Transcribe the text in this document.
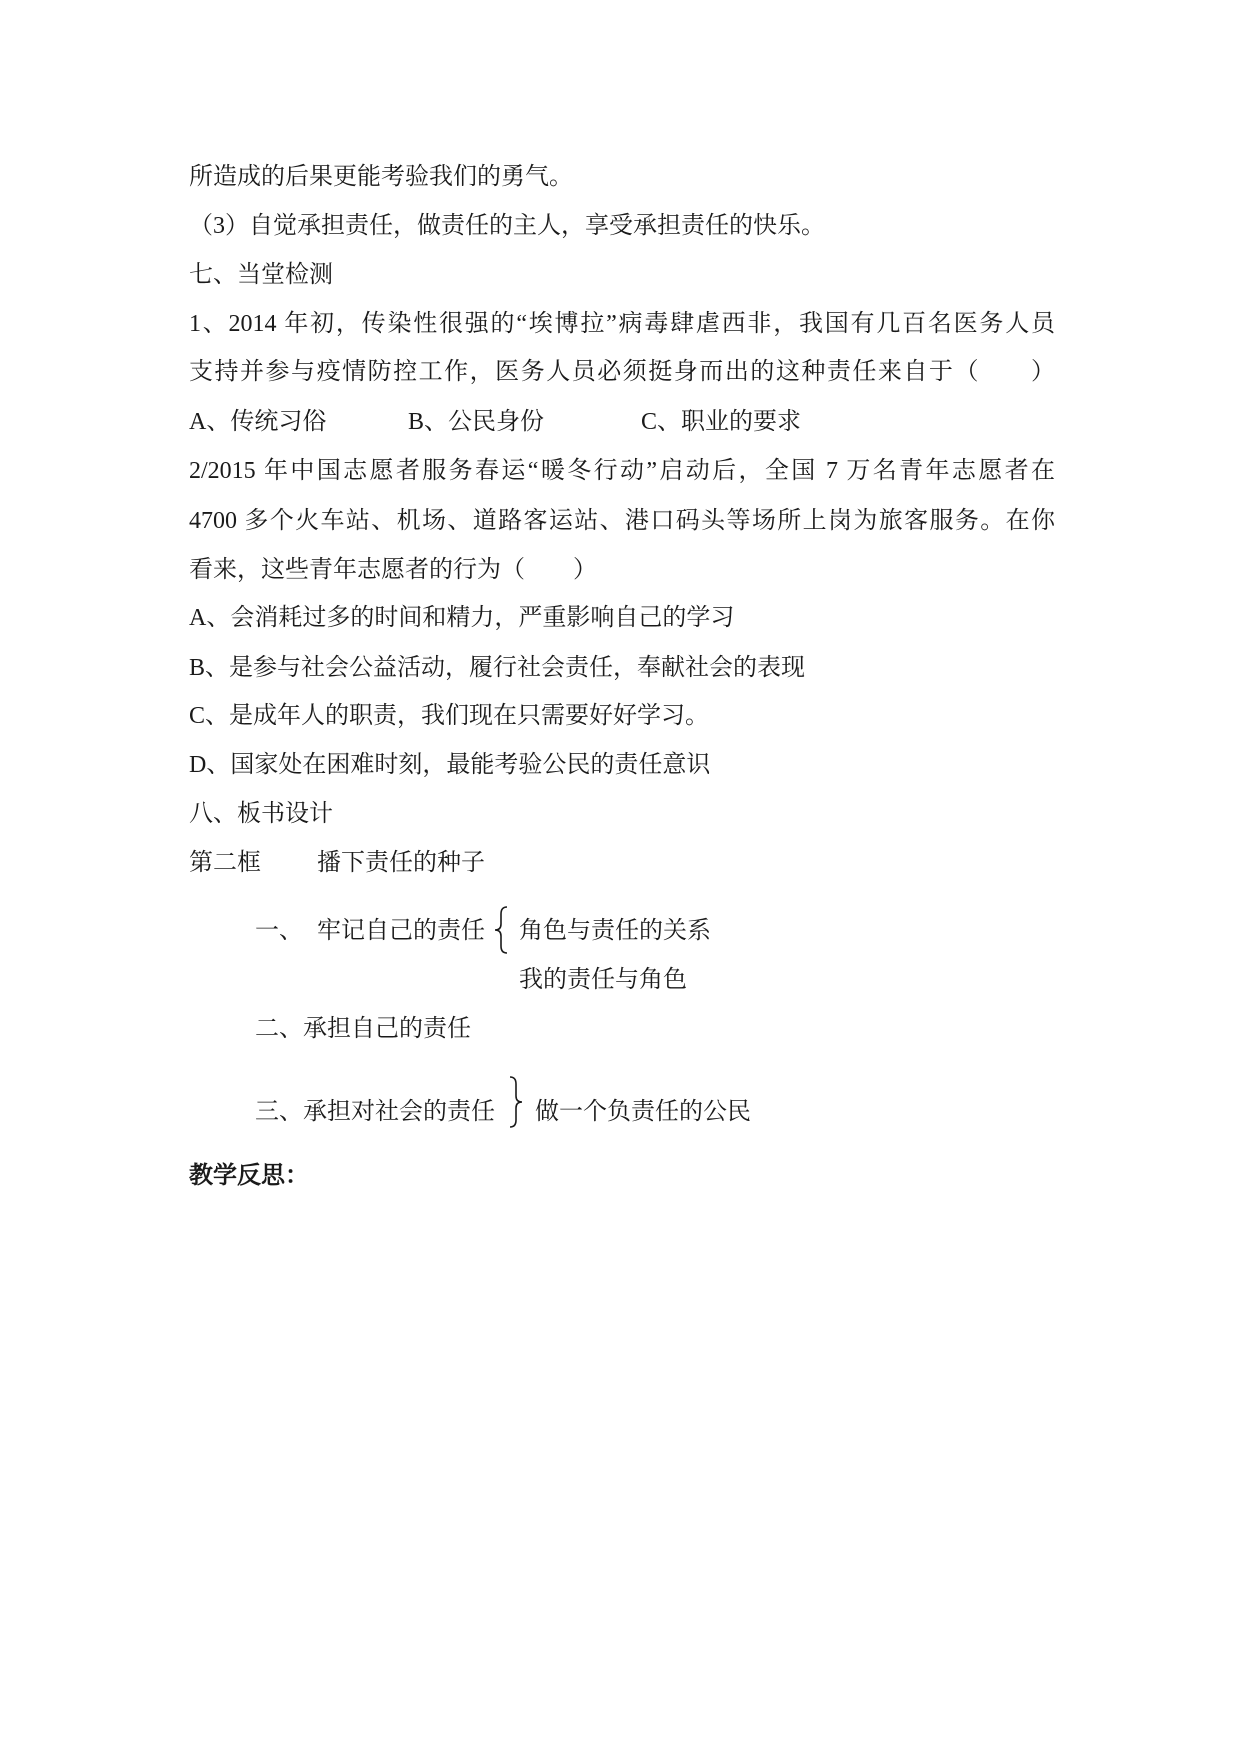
所造成的后果更能考验我们的勇气。
（3）自觉承担责任，做责任的主人，享受承担责任的快乐。
七、当堂检测
1、2014 年初，传染性很强的“埃博拉”病毒肆虐西非，我国有几百名医务人员
支持并参与疫情防控工作，医务人员必须挺身而出的这种责任来自于（　　）
A、传统习俗	B、公民身份	C、职业的要求
2/2015 年中国志愿者服务春运“暖冬行动”启动后，全国 7 万名青年志愿者在
4700 多个火车站、机场、道路客运站、港口码头等场所上岗为旅客服务。在你
看来，这些青年志愿者的行为（　　）
A、会消耗过多的时间和精力，严重影响自己的学习
B、是参与社会公益活动，履行社会责任，奉献社会的表现
C、是成年人的职责，我们现在只需要好好学习。
D、国家处在困难时刻，最能考验公民的责任意识
八、板书设计
第二框 播下责任的种子
一、 牢记自己的责任 角色与责任的关系
我的责任与角色
二、承担自己的责任
三、承担对社会的责任 做一个负责任的公民
教学反思：
